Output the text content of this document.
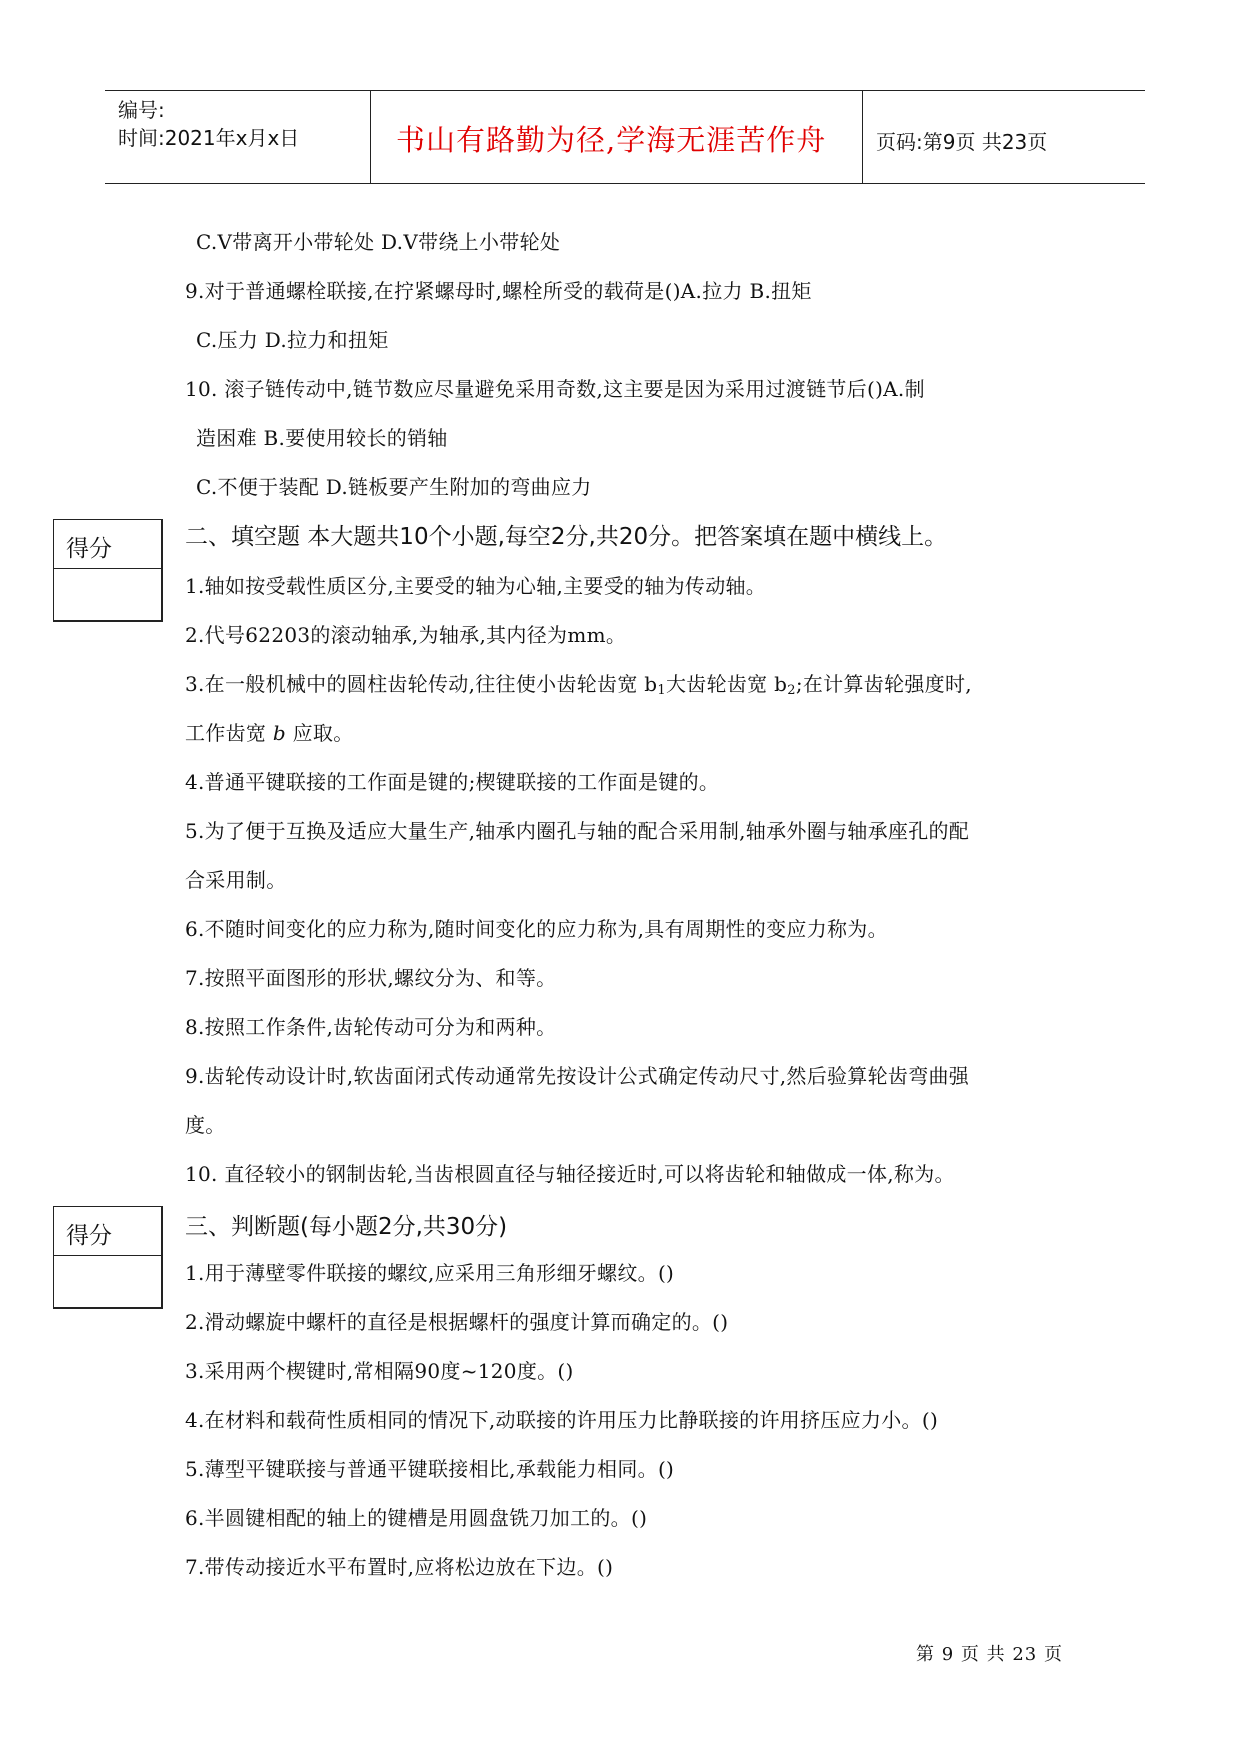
编号:
时间:2021年x月x日	书山有路勤为径,学海无涯苦作舟 页码:第9页 共23页
C.V带离开小带轮处 D.V带绕上小带轮处
9.对于普通螺栓联接,在拧紧螺母时,螺栓所受的载荷是()A.拉力 B.扭矩
C.压力 D.拉力和扭矩
10. 滚子链传动中,链节数应尽量避免采用奇数,这主要是因为采用过渡链节后()A.制
造困难 B.要使用较长的销轴
C.不便于装配 D.链板要产生附加的弯曲应力
得分	二、填空题 本大题共10个小题,每空2分,共20分。把答案填在题中横线上。
1.轴如按受载性质区分,主要受的轴为心轴,主要受的轴为传动轴。
2.代号62203的滚动轴承,为轴承,其内径为mm。
3.在一般机械中的圆柱齿轮传动,往往使小齿轮齿宽 $b_1$大齿轮齿宽 $b_2$;在计算齿轮强度时,
工作齿宽 b 应取。
4.普通平键联接的工作面是键的;楔键联接的工作面是键的。
5.为了便于互换及适应大量生产,轴承内圈孔与轴的配合采用制,轴承外圈与轴承座孔的配
合采用制。
6.不随时间变化的应力称为,随时间变化的应力称为,具有周期性的变应力称为。
7.按照平面图形的形状,螺纹分为、和等。
8.按照工作条件,齿轮传动可分为和两种。
9.齿轮传动设计时,软齿面闭式传动通常先按设计公式确定传动尺寸,然后验算轮齿弯曲强
度。
10. 直径较小的钢制齿轮,当齿根圆直径与轴径接近时,可以将齿轮和轴做成一体,称为。
得分	三、判断题(每小题2分,共30分)
1.用于薄壁零件联接的螺纹,应采用三角形细牙螺纹。()
2.滑动螺旋中螺杆的直径是根据螺杆的强度计算而确定的。()
3.采用两个楔键时,常相隔90度~120度。()
4.在材料和载荷性质相同的情况下,动联接的许用压力比静联接的许用挤压应力小。()
5.薄型平键联接与普通平键联接相比,承载能力相同。()
6.半圆键相配的轴上的键槽是用圆盘铣刀加工的。()
7.带传动接近水平布置时,应将松边放在下边。()
第 9 页 共 23 页
